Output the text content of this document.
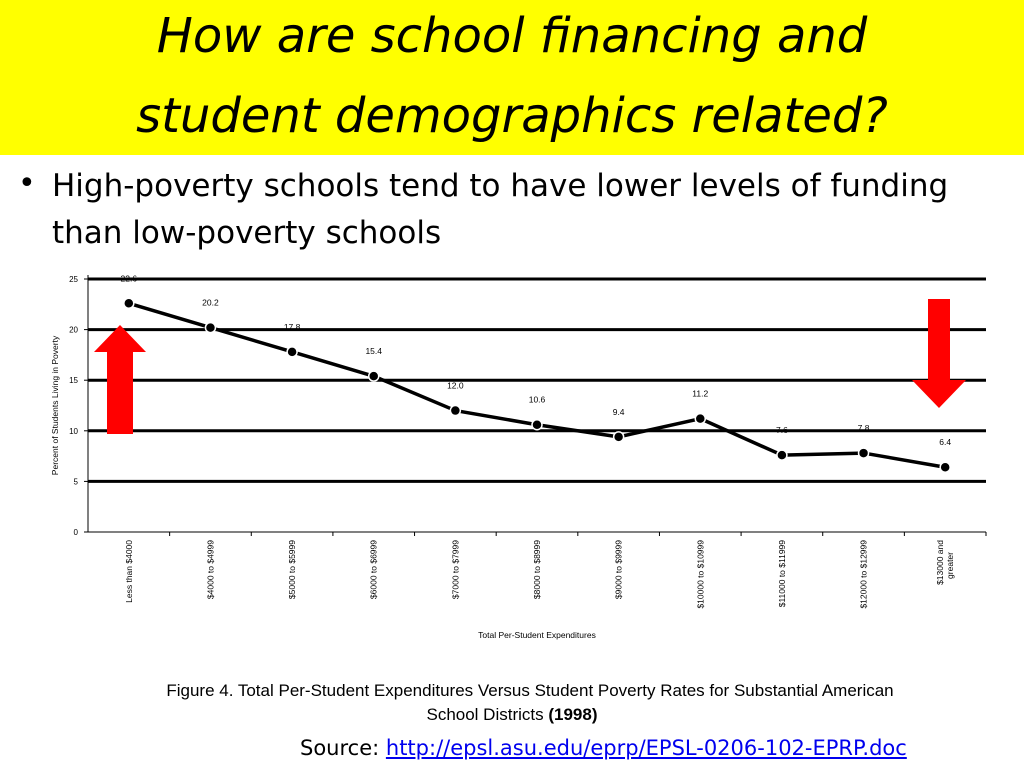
How are school financing and
student demographics related?
• High-poverty schools tend to have lower levels of funding
than low-poverty schools
0
5
10
15
20
25
Percent of Students Living in Poverty
Less than $4000	$4000 to $4999	$5000 to $5999	$6000 to $6999	$7000 to $7999	$8000 to $8999	$9000 to $9999	$10000 to $10999	$11000 to $11999	$12000 to $12999	$13000 andgreater
Total Per-Student Expenditures
22.6
20.2
17.8
15.4
12.0
10.6
9.4
11.2
7.6	7.8
6.4
Figure 4. Total Per-Student Expenditures Versus Student Poverty Rates for Substantial American
School Districts (1998)
Source: http://epsl.asu.edu/eprp/EPSL-0206-102-EPRP.doc
